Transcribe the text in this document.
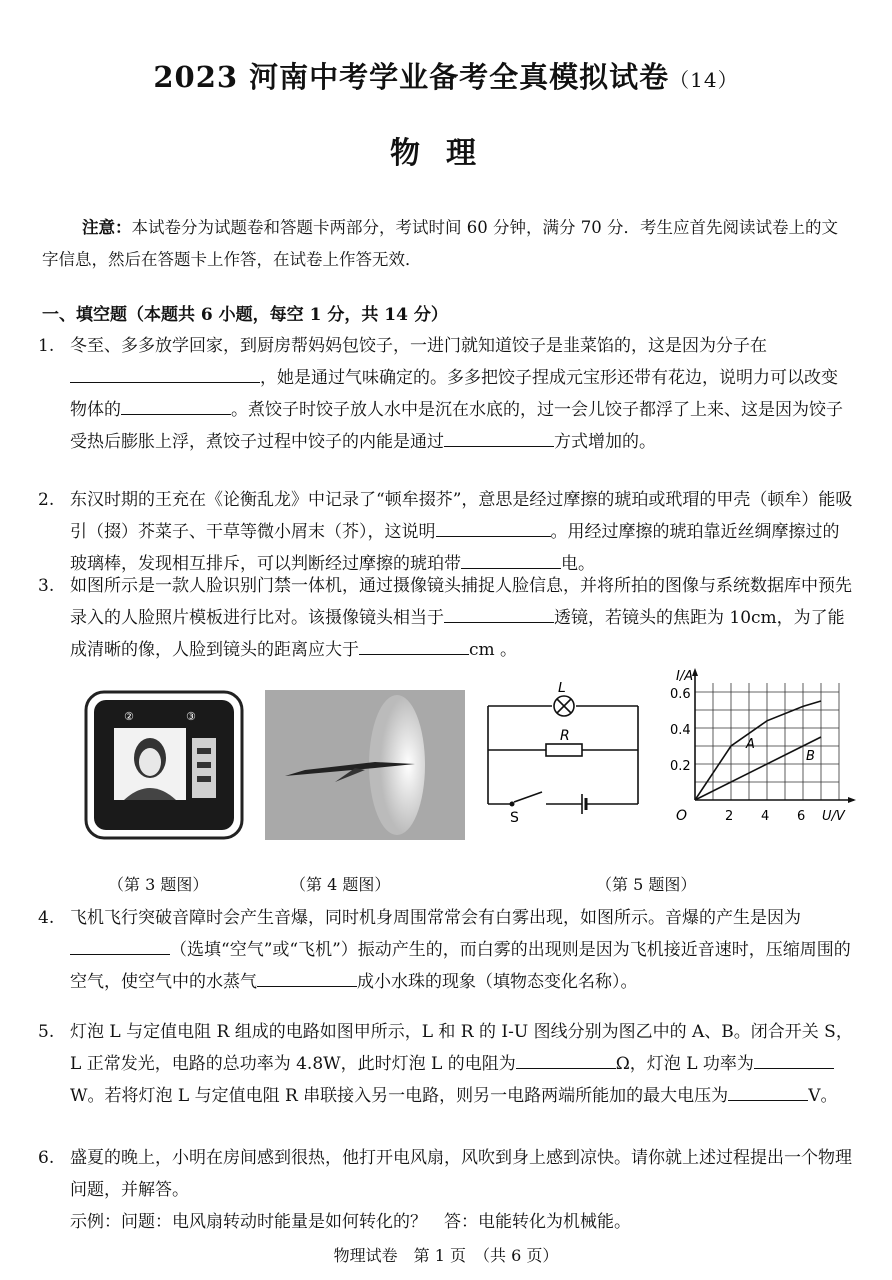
2023 河南中考学业备考全真模拟试卷（14）
物理
注意：本试卷分为试题卷和答题卡两部分，考试时间 60 分钟，满分 70 分．考生应首先阅读试卷上的文字信息，然后在答题卡上作答，在试卷上作答无效．
一、填空题（本题共 6 小题，每空 1 分，共 14 分）
1. 冬至、多多放学回家，到厨房帮妈妈包饺子，一进门就知道饺子是韭菜馅的，这是因为分子在，她是通过气味确定的。多多把饺子捏成元宝形还带有花边，说明力可以改变物体的	。煮饺子时饺子放人水中是沉在水底的，过一会儿饺子都浮了上来、这是因为饺子受热后膨胀上浮，煮饺子过程中饺子的内能是通过	方式增加的。
2. 东汉时期的王充在《论衡乱龙》中记录了“顿牟掇芥”，意思是经过摩擦的琥珀或玳瑁的甲壳（顿牟）能吸引（掇）芥菜子、干草等微小屑末（芥），这说明	。用经过摩擦的琥珀靠近丝绸摩擦过的玻璃棒，发现相互排斥，可以判断经过摩擦的琥珀带	电。
3. 如图所示是一款人脸识别门禁一体机，通过摄像镜头捕捉人脸信息，并将所拍的图像与系统数据库中预先录入的人脸照片模板进行比对。该摄像镜头相当于	透镜，若镜头的焦距为 10cm，为了能成清晰的像，人脸到镜头的距离应大于	cm 。
②	③
L
R
S
I/A
U/V
O
0.6
0.4
0.2
2 4 6
A
B
（第 3 题图）	（第 4 题图）	（第 5 题图）
4. 飞机飞行突破音障时会产生音爆，同时机身周围常常会有白雾出现，如图所示。音爆的产生是因为（选填“空气”或“飞机”）振动产生的，而白雾的出现则是因为飞机接近音速时，压缩周围的空气，使空气中的水蒸气	成小水珠的现象（填物态变化名称）。
5. 灯泡 L 与定值电阻 R 组成的电路如图甲所示，L 和 R 的 I-U 图线分别为图乙中的 A、B。闭合开关 S，L 正常发光，电路的总功率为 4.8W，此时灯泡 L 的电阻为	Ω，灯泡 L 功率为W。若将灯泡 L 与定值电阻 R 串联接入另一电路，则另一电路两端所能加的最大电压为	V。
6. 盛夏的晚上，小明在房间感到很热，他打开电风扇，风吹到身上感到凉快。请你就上述过程提出一个物理问题，并解答。
示例：问题：电风扇转动时能量是如何转化的？　答：电能转化为机械能。
物理试卷　第 1 页　（共 6 页）
